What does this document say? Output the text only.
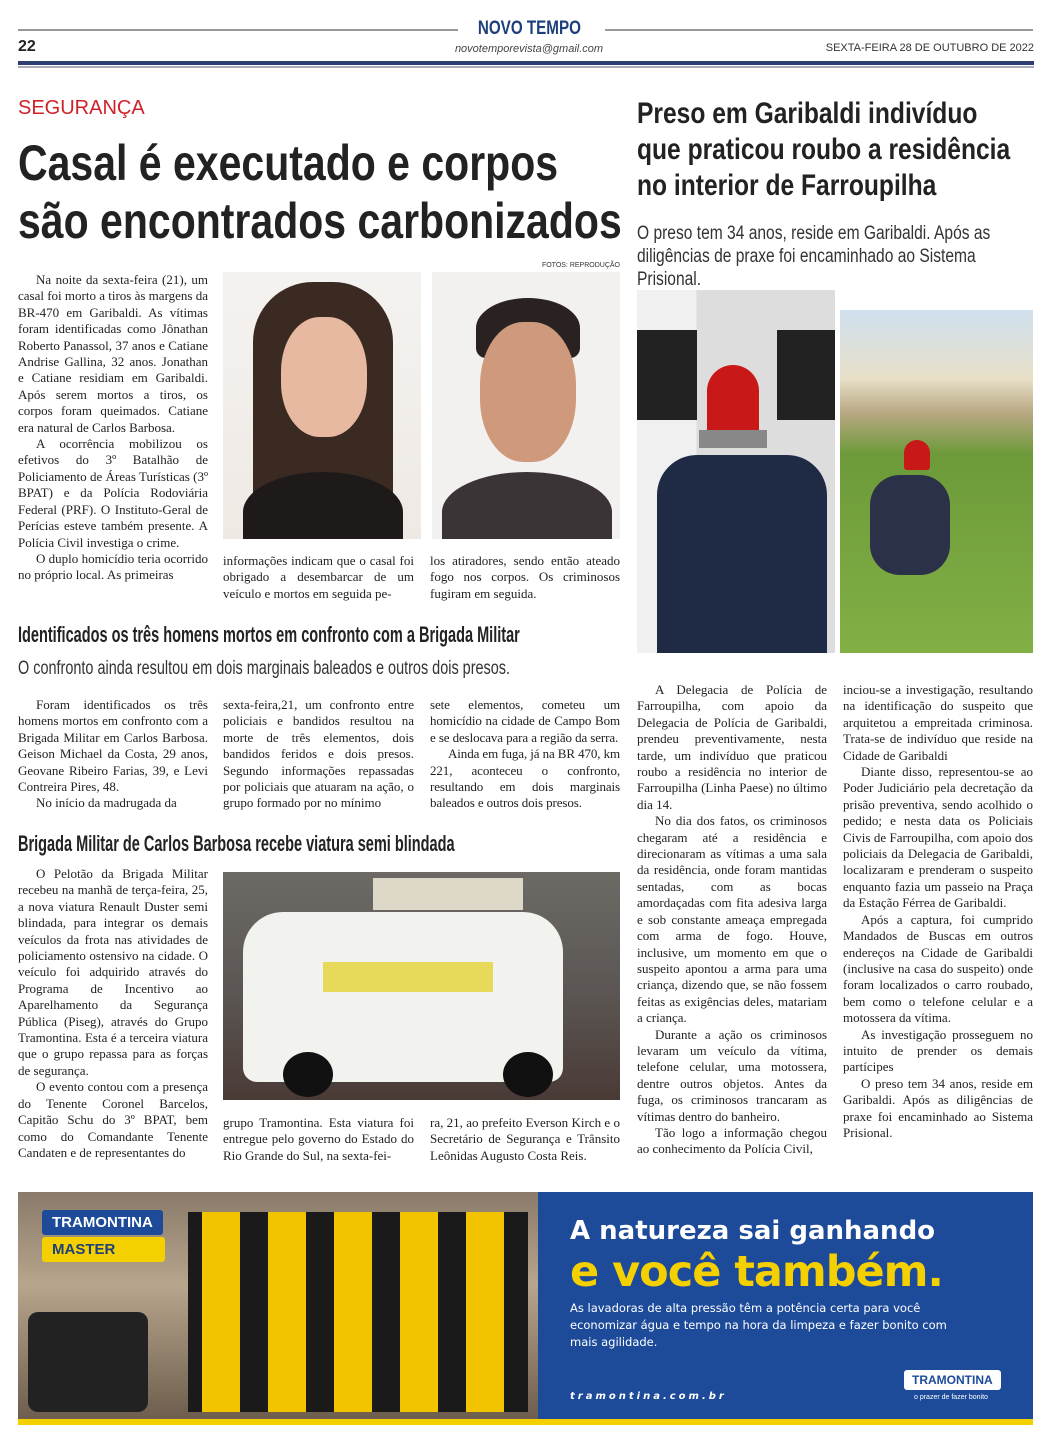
NOVO TEMPO
novotemporevista@gmail.com
22	SEXTA-FEIRA 28 DE OUTUBRO DE 2022
SEGURANÇA
Casal é executado e corpos
são encontrados carbonizados
FOTOS: REPRODUÇÃO

Na noite da sexta-feira (21), um casal foi morto a tiros às margens da BR-470 em Garibaldi. As vítimas foram identificadas como Jônathan Roberto Panassol, 37 anos e Catiane Andrise Gallina, 32 anos. Jonathan e Catiane residiam em Garibaldi. Após serem mortos a tiros, os corpos foram queimados. Catiane era natural de Carlos Barbosa.

A ocorrência mobilizou os efetivos do 3º Batalhão de Policiamento de Áreas Turísticas (3º BPAT) e da Polícia Rodoviária Federal (PRF). O Instituto-Geral de Perícias esteve também presente. A Polícia Civil investiga o crime.

O duplo homicídio teria ocorrido no próprio local. As primeiras

informações indicam que o casal foi obrigado a desembarcar de um veículo e mortos em seguida pe-

los atiradores, sendo então ateado fogo nos corpos. Os criminosos fugiram em seguida.

Identificados os três homens mortos em confronto com a Brigada Militar
O confronto ainda resultou em dois marginais baleados e outros dois presos.

Foram identificados os três homens mortos em confronto com a Brigada Militar em Carlos Barbosa. Geison Michael da Costa, 29 anos, Geovane Ribeiro Farias, 39, e Levi Contreira Pires, 48.

No início da madrugada da

sexta-feira,21, um confronto entre policiais e bandidos resultou na morte de três elementos, dois bandidos feridos e dois presos. Segundo informações repassadas por policiais que atuaram na ação, o grupo formado por no mínimo

sete elementos, cometeu um homicídio na cidade de Campo Bom e se deslocava para a região da serra.

Ainda em fuga, já na BR 470, km 221, aconteceu o confronto, resultando em dois marginais baleados e outros dois presos.

Brigada Militar de Carlos Barbosa recebe viatura semi blindada

O Pelotão da Brigada Militar recebeu na manhã de terça-feira, 25, a nova viatura Renault Duster semi blindada, para integrar os demais veículos da frota nas atividades de policiamento ostensivo na cidade. O veículo foi adquirido através do Programa de Incentivo ao Aparelhamento da Segurança Pública (Piseg), através do Grupo Tramontina. Esta é a terceira viatura que o grupo repassa para as forças de segurança.

O evento contou com a presença do Tenente Coronel Barcelos, Capitão Schu do 3º BPAT, bem como do Comandante Tenente Candaten e de representantes do

grupo Tramontina. Esta viatura foi entregue pelo governo do Estado do Rio Grande do Sul, na sexta-fei-

ra, 21, ao prefeito Everson Kirch e o Secretário de Segurança e Trânsito Leônidas Augusto Costa Reis.

Preso em Garibaldi indivíduo
que praticou roubo a residência
no interior de Farroupilha
O preso tem 34 anos, reside em Garibaldi. Após as diligências de praxe foi encaminhado ao Sistema Prisional.

A Delegacia de Polícia de Farroupilha, com apoio da Delegacia de Polícia de Garibaldi, prendeu preventivamente, nesta tarde, um indivíduo que praticou roubo a residência no interior de Farroupilha (Linha Paese) no último dia 14.

No dia dos fatos, os criminosos chegaram até a residência e direcionaram as vítimas a uma sala da residência, onde foram mantidas sentadas, com as bocas amordaçadas com fita adesiva larga e sob constante ameaça empregada com arma de fogo. Houve, inclusive, um momento em que o suspeito apontou a arma para uma criança, dizendo que, se não fossem feitas as exigências deles, matariam a criança.

Durante a ação os criminosos levaram um veículo da vítima, telefone celular, uma motossera, dentre outros objetos. Antes da fuga, os criminosos trancaram as vítimas dentro do banheiro.

Tão logo a informação chegou ao conhecimento da Polícia Civil,

inciou-se a investigação, resultando na identificação do suspeito que arquitetou a empreitada criminosa. Trata-se de indivíduo que reside na Cidade de Garibaldi

Diante disso, representou-se ao Poder Judiciário pela decretação da prisão preventiva, sendo acolhido o pedido; e nesta data os Policiais Civis de Farroupilha, com apoio dos policiais da Delegacia de Garibaldi, localizaram e prenderam o suspeito enquanto fazia um passeio na Praça da Estação Férrea de Garibaldi.

Após a captura, foi cumprido Mandados de Buscas em outros endereços na Cidade de Garibaldi (inclusive na casa do suspeito) onde foram localizados o carro roubado, bem como o telefone celular e a motossera da vítima.

As investigação prosseguem no intuito de prender os demais partícipes

O preso tem 34 anos, reside em Garibaldi. Após as diligências de praxe foi encaminhado ao Sistema Prisional.

TRAMONTINA
MASTER
A natureza sai ganhando
e você também.
As lavadoras de alta pressão têm a potência certa para você economizar água e tempo na hora da limpeza e fazer bonito com mais agilidade.
tramontina.com.br
TRAMONTINA
o prazer de fazer bonito
